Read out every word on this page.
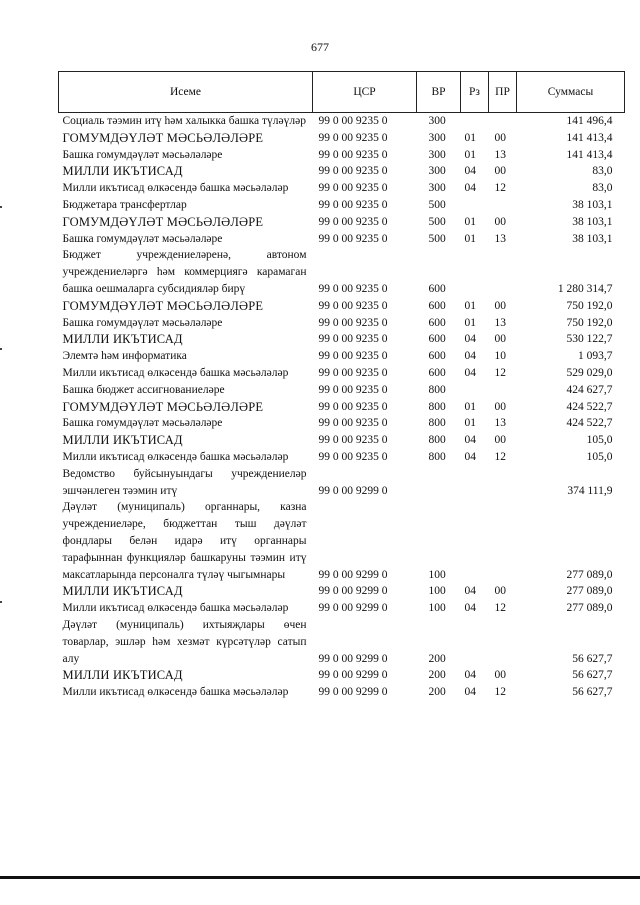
677
Исеме	ЦСР	ВР	Рз	ПР	Суммасы
Социаль тәэмин итү һәм халыкка башка түләүләр	99 0 00 9235 0	300			141 496,4
ГОМУМДӘҮЛӘТ МӘСЬӘЛӘЛӘРЕ	99 0 00 9235 0	300	01	00	141 413,4
Башка гомумдәүләт мәсьәләләре	99 0 00 9235 0	300	01	13	141 413,4
МИЛЛИ ИКЪТИСАД	99 0 00 9235 0	300	04	00	83,0
Милли икътисад өлкәсендә башка мәсьәләләр	99 0 00 9235 0	300	04	12	83,0
Бюджетара трансфертлар	99 0 00 9235 0	500			38 103,1
ГОМУМДӘҮЛӘТ МӘСЬӘЛӘЛӘРЕ	99 0 00 9235 0	500	01	00	38 103,1
Башка гомумдәүләт мәсьәләләре	99 0 00 9235 0	500	01	13	38 103,1
Бюджет учреждениеләренә, автоном учреждениеләргә һәм коммерциягә карамаган башка оешмаларга субсидияләр бирү	99 0 00 9235 0	600			1 280 314,7
ГОМУМДӘҮЛӘТ МӘСЬӘЛӘЛӘРЕ	99 0 00 9235 0	600	01	00	750 192,0
Башка гомумдәүләт мәсьәләләре	99 0 00 9235 0	600	01	13	750 192,0
МИЛЛИ ИКЪТИСАД	99 0 00 9235 0	600	04	00	530 122,7
Элемтә һәм информатика	99 0 00 9235 0	600	04	10	1 093,7
Милли икътисад өлкәсендә башка мәсьәләләр	99 0 00 9235 0	600	04	12	529 029,0
Башка бюджет ассигнованиеләре	99 0 00 9235 0	800			424 627,7
ГОМУМДӘҮЛӘТ МӘСЬӘЛӘЛӘРЕ	99 0 00 9235 0	800	01	00	424 522,7
Башка гомумдәүләт мәсьәләләре	99 0 00 9235 0	800	01	13	424 522,7
МИЛЛИ ИКЪТИСАД	99 0 00 9235 0	800	04	00	105,0
Милли икътисад өлкәсендә башка мәсьәләләр	99 0 00 9235 0	800	04	12	105,0
Ведомство буйсынуындагы учреждениеләр эшчәнлеген тәэмин итү	99 0 00 9299 0				374 111,9
Дәүләт (муниципаль) органнары, казна учреждениеләре, бюджеттан тыш дәүләт фондлары белән идарә итү органнары тарафыннан функцияләр башкаруны тәэмин итү максатларында персоналга түләү чыгымнары	99 0 00 9299 0	100			277 089,0
МИЛЛИ ИКЪТИСАД	99 0 00 9299 0	100	04	00	277 089,0
Милли икътисад өлкәсендә башка мәсьәләләр	99 0 00 9299 0	100	04	12	277 089,0
Дәүләт (муниципаль) ихтыяҗлары өчен товарлар, эшләр һәм хезмәт күрсәтүләр сатып алу	99 0 00 9299 0	200			56 627,7
МИЛЛИ ИКЪТИСАД	99 0 00 9299 0	200	04	00	56 627,7
Милли икътисад өлкәсендә башка мәсьәләләр	99 0 00 9299 0	200	04	12	56 627,7
